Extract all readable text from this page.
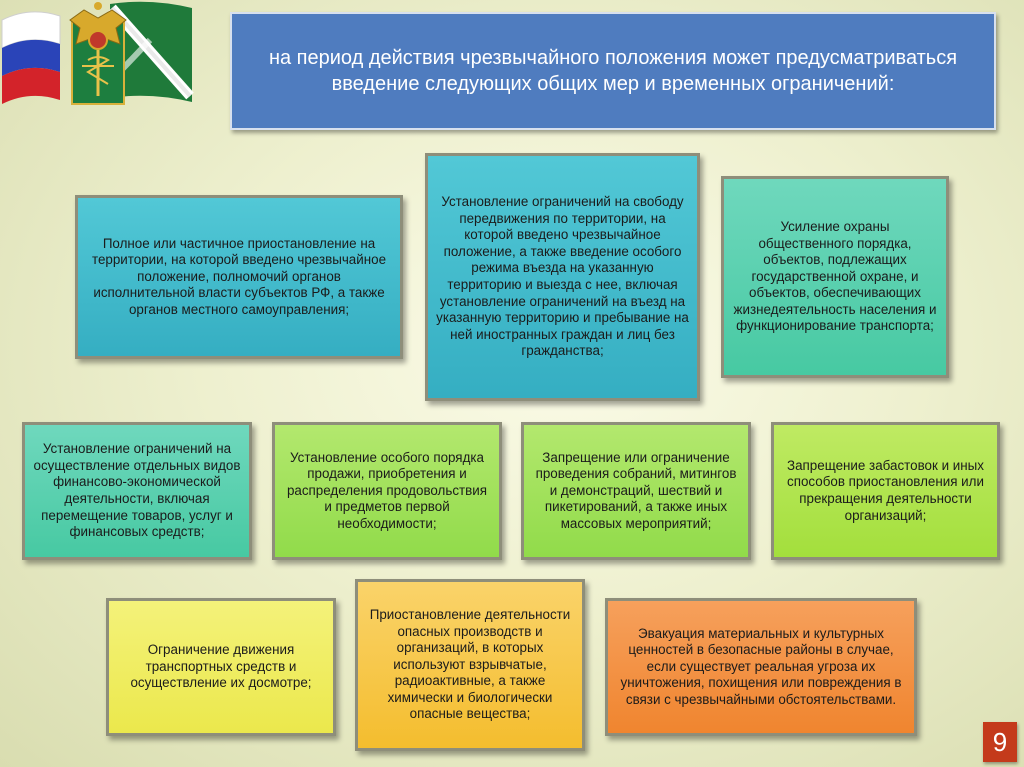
на период действия чрезвычайного положения может предусматриваться введение следующих общих мер и временных ограничений:
Полное или частичное приостановление на территории, на которой введено чрезвычайное положение, полномочий органов исполнительной власти субъектов РФ, а также органов местного самоуправления;
Установление ограничений на свободу передвижения по территории, на которой введено чрезвычайное положение, а также введение особого режима въезда на указанную территорию и выезда с нее, включая установление ограничений на въезд на указанную территорию и пребывание на ней иностранных граждан и лиц без гражданства;
Усиление охраны общественного порядка, объектов, подлежащих государственной охране, и объектов, обеспечивающих жизнедеятельность населения и функционирование транспорта;
Установление ограничений на осуществление отдельных видов финансово-экономической деятельности, включая перемещение товаров, услуг и финансовых средств;
Установление особого порядка продажи, приобретения и распределения продовольствия и предметов первой необходимости;
Запрещение или ограничение проведения собраний, митингов и демонстраций, шествий и пикетирований, а также иных массовых мероприятий;
Запрещение забастовок и иных способов приостановления или прекращения деятельности организаций;
Ограничение движения транспортных средств и осуществление их досмотре;
Приостановление деятельности опасных производств и организаций, в которых используют взрывчатые, радиоактивные, а также химически и биологически опасные вещества;
Эвакуация материальных и культурных ценностей в безопасные районы в случае, если существует реальная угроза их уничтожения, похищения или повреждения в связи с чрезвычайными обстоятельствами.
9
